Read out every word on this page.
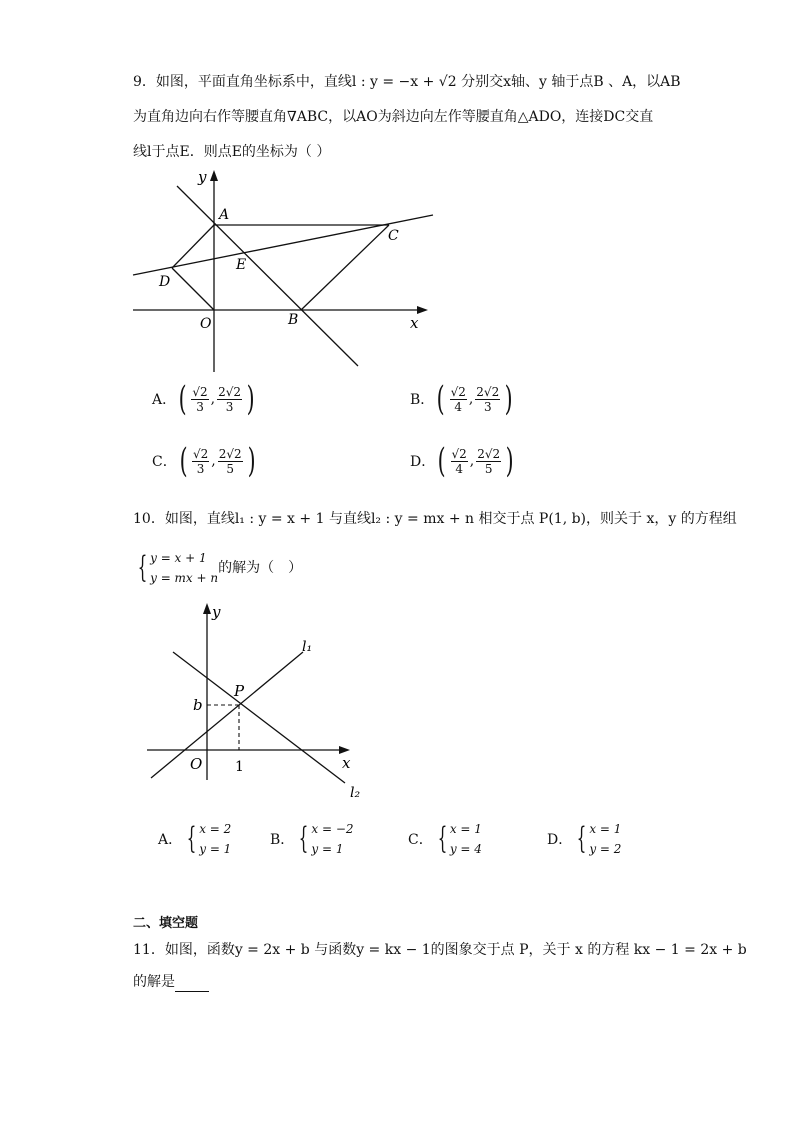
9．如图，平面直角坐标系中，直线l : y = −x + √2 分别交x轴、y 轴于点B 、A，以AB
为直角边向右作等腰直角∇ABC，以AO为斜边向左作等腰直角△ADO，连接DC交直
线l于点E．则点E的坐标为（ ）
y
x
A
C
E
D
O	B
A． ( $\frac{√2}{3}$ , $\frac{2√2}{3}$ )	B． ( $\frac{√2}{4}$ , $\frac{2√2}{3}$ )
C． ( $\frac{√2}{3}$ , $\frac{2√2}{5}$ )	D． ( $\frac{√2}{4}$ , $\frac{2√2}{5}$ )
10．如图，直线l₁ : y = x + 1 与直线l₂ : y = mx + n 相交于点 P(1, b)，则关于 x，y 的方程组
{ y = x + 1
y = mx + n
的解为（　）
y
x
l₁
l₂
P
b
1
O
A． { x = 2
y = 1
B． { x = −2
y = 1
C． { x = 1
y = 4
D． { x = 1
y = 2
二、填空题
11．如图，函数y = 2x + b 与函数y = kx − 1的图象交于点 P，关于 x 的方程 kx − 1 = 2x + b
的解是
